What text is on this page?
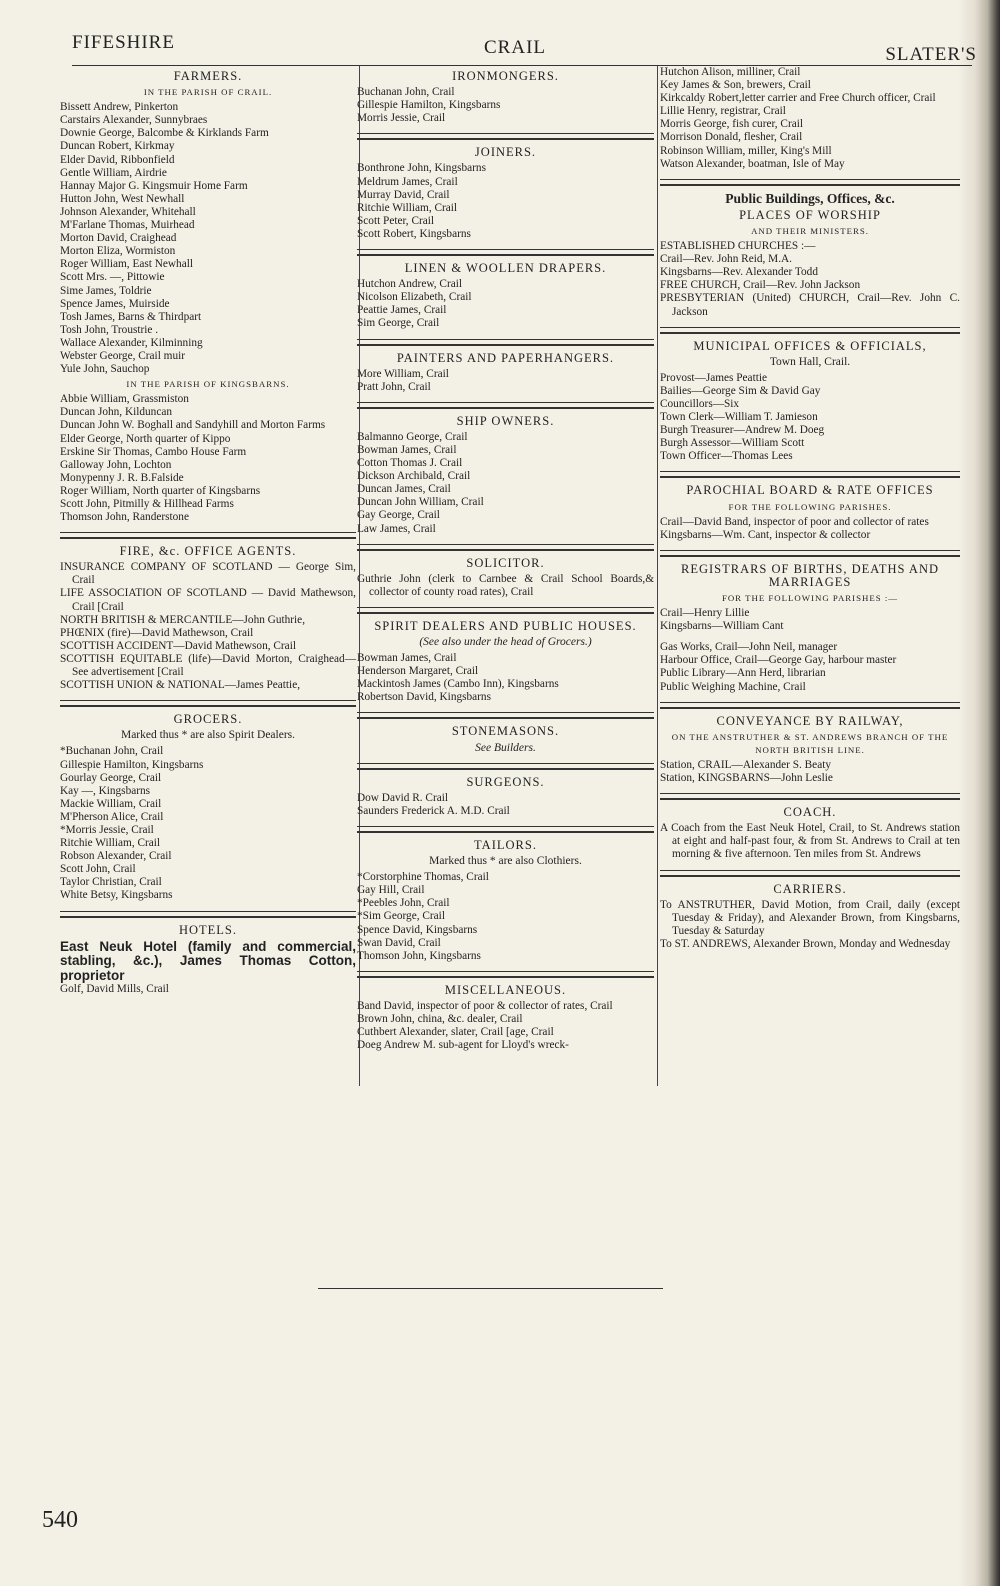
FIFESHIRE	CRAIL	SLATER'S
FARMERS.
IN THE PARISH OF CRAIL.
Bissett Andrew, Pinkerton
Carstairs Alexander, Sunnybraes
Downie George, Balcombe & Kirklands Farm
Duncan Robert, Kirkmay
Elder David, Ribbonfield
Gentle William, Airdrie
Hannay Major G. Kingsmuir Home Farm
Hutton John, West Newhall
Johnson Alexander, Whitehall
M'Farlane Thomas, Muirhead
Morton David, Craighead
Morton Eliza, Wormiston
Roger William, East Newhall
Scott Mrs. —, Pittowie
Sime James, Toldrie
Spence James, Muirside
Tosh James, Barns & Thirdpart
Tosh John, Troustrie .
Wallace Alexander, Kilminning
Webster George, Crail muir
Yule John, Sauchop
IN THE PARISH OF KINGSBARNS.
Abbie William, Grassmiston
Duncan John, Kilduncan
Duncan John W. Boghall and Sandyhill and Morton Farms
Elder George, North quarter of Kippo
Erskine Sir Thomas, Cambo House Farm
Galloway John, Lochton
Monypenny J. R. B.Falside
Roger William, North quarter of Kingsbarns
Scott John, Pitmilly & Hillhead Farms
Thomson John, Randerstone
FIRE, &c. OFFICE AGENTS.
INSURANCE COMPANY OF SCOTLAND — George Sim, Crail
LIFE ASSOCIATION OF SCOTLAND — David Mathewson, Crail [Crail
NORTH BRITISH & MERCANTILE—John Guthrie,
PHŒNIX (fire)—David Mathewson, Crail
SCOTTISH ACCIDENT—David Mathewson, Crail
SCOTTISH EQUITABLE (life)—David Morton, Craighead—See advertisement [Crail
SCOTTISH UNION & NATIONAL—James Peattie,
GROCERS.
Marked thus * are also Spirit Dealers.
*Buchanan John, Crail
Gillespie Hamilton, Kingsbarns
Gourlay George, Crail
Kay —, Kingsbarns
Mackie William, Crail
M'Pherson Alice, Crail
*Morris Jessie, Crail
Ritchie William, Crail
Robson Alexander, Crail
Scott John, Crail
Taylor Christian, Crail
White Betsy, Kingsbarns
HOTELS.
East Neuk Hotel (family and commercial, stabling, &c.), James Thomas Cotton, proprietor
Golf, David Mills, Crail
IRONMONGERS.
Buchanan John, Crail
Gillespie Hamilton, Kingsbarns
Morris Jessie, Crail
JOINERS.
Bonthrone John, Kingsbarns
Meldrum James, Crail
Murray David, Crail
Ritchie William, Crail
Scott Peter, Crail
Scott Robert, Kingsbarns
LINEN & WOOLLEN DRAPERS.
Hutchon Andrew, Crail
Nicolson Elizabeth, Crail
Peattie James, Crail
Sim George, Crail
PAINTERS AND PAPERHANGERS.
More William, Crail
Pratt John, Crail
SHIP OWNERS.
Balmanno George, Crail
Bowman James, Crail
Cotton Thomas J. Crail
Dickson Archibald, Crail
Duncan James, Crail
Duncan John William, Crail
Gay George, Crail
Law James, Crail
SOLICITOR.
Guthrie John (clerk to Carnbee & Crail School Boards,& collector of county road rates), Crail
SPIRIT DEALERS AND PUBLIC HOUSES.
(See also under the head of Grocers.)
Bowman James, Crail
Henderson Margaret, Crail
Mackintosh James (Cambo Inn), Kingsbarns
Robertson David, Kingsbarns
STONEMASONS.
See Builders.
SURGEONS.
Dow David R. Crail
Saunders Frederick A. M.D. Crail
TAILORS.
Marked thus * are also Clothiers.
*Corstorphine Thomas, Crail
Gay Hill, Crail
*Peebles John, Crail
*Sim George, Crail
Spence David, Kingsbarns
Swan David, Crail
Thomson John, Kingsbarns
MISCELLANEOUS.
Band David, inspector of poor & collector of rates, Crail
Brown John, china, &c. dealer, Crail
Cuthbert Alexander, slater, Crail [age, Crail
Doeg Andrew M. sub-agent for Lloyd's wreck-
Hutchon Alison, milliner, Crail
Key James & Son, brewers, Crail
Kirkcaldy Robert,letter carrier and Free Church officer, Crail
Lillie Henry, registrar, Crail
Morris George, fish curer, Crail
Morrison Donald, flesher, Crail
Robinson William, miller, King's Mill
Watson Alexander, boatman, Isle of May
Public Buildings, Offices, &c.
PLACES OF WORSHIP
AND THEIR MINISTERS.
ESTABLISHED CHURCHES :—
Crail—Rev. John Reid, M.A.
Kingsbarns—Rev. Alexander Todd
FREE CHURCH, Crail—Rev. John Jackson
PRESBYTERIAN (United) CHURCH, Crail—Rev. John C. Jackson
MUNICIPAL OFFICES & OFFICIALS,
Town Hall, Crail.
Provost—James Peattie
Bailies—George Sim & David Gay
Councillors—Six
Town Clerk—William T. Jamieson
Burgh Treasurer—Andrew M. Doeg
Burgh Assessor—William Scott
Town Officer—Thomas Lees
PAROCHIAL BOARD & RATE OFFICES
FOR THE FOLLOWING PARISHES.
Crail—David Band, inspector of poor and collector of rates
Kingsbarns—Wm. Cant, inspector & collector
REGISTRARS OF BIRTHS, DEATHS AND MARRIAGES
FOR THE FOLLOWING PARISHES :—
Crail—Henry Lillie
Kingsbarns—William Cant
Gas Works, Crail—John Neil, manager
Harbour Office, Crail—George Gay, harbour master
Public Library—Ann Herd, librarian
Public Weighing Machine, Crail
CONVEYANCE BY RAILWAY,
ON THE ANSTRUTHER & ST. ANDREWS BRANCH OF THE NORTH BRITISH LINE.
Station, CRAIL—Alexander S. Beaty
Station, KINGSBARNS—John Leslie
COACH.
A Coach from the East Neuk Hotel, Crail, to St. Andrews station at eight and half-past four, & from St. Andrews to Crail at ten morning & five afternoon. Ten miles from St. Andrews
CARRIERS.
To ANSTRUTHER, David Motion, from Crail, daily (except Tuesday & Friday), and Alexander Brown, from Kingsbarns, Tuesday & Saturday
To ST. ANDREWS, Alexander Brown, Monday and Wednesday
540
